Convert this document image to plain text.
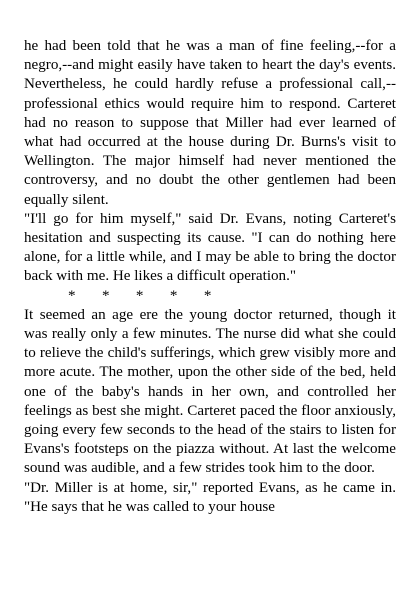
he had been told that he was a man of fine feeling,--for a negro,--and might easily have taken to heart the day's events. Nevertheless, he could hardly refuse a professional call,--professional ethics would require him to respond. Carteret had no reason to suppose that Miller had ever learned of what had occurred at the house during Dr. Burns's visit to Wellington. The major himself had never mentioned the controversy, and no doubt the other gentlemen had been equally silent.

"I'll go for him myself," said Dr. Evans, noting Carteret's hesitation and suspecting its cause. "I can do nothing here alone, for a little while, and I may be able to bring the doctor back with me. He likes a difficult operation."

*       *       *       *       *

It seemed an age ere the young doctor returned, though it was really only a few minutes. The nurse did what she could to relieve the child's sufferings, which grew visibly more and more acute. The mother, upon the other side of the bed, held one of the baby's hands in her own, and controlled her feelings as best she might. Carteret paced the floor anxiously, going every few seconds to the head of the stairs to listen for Evans's footsteps on the piazza without. At last the welcome sound was audible, and a few strides took him to the door.

"Dr. Miller is at home, sir," reported Evans, as he came in. "He says that he was called to your house
